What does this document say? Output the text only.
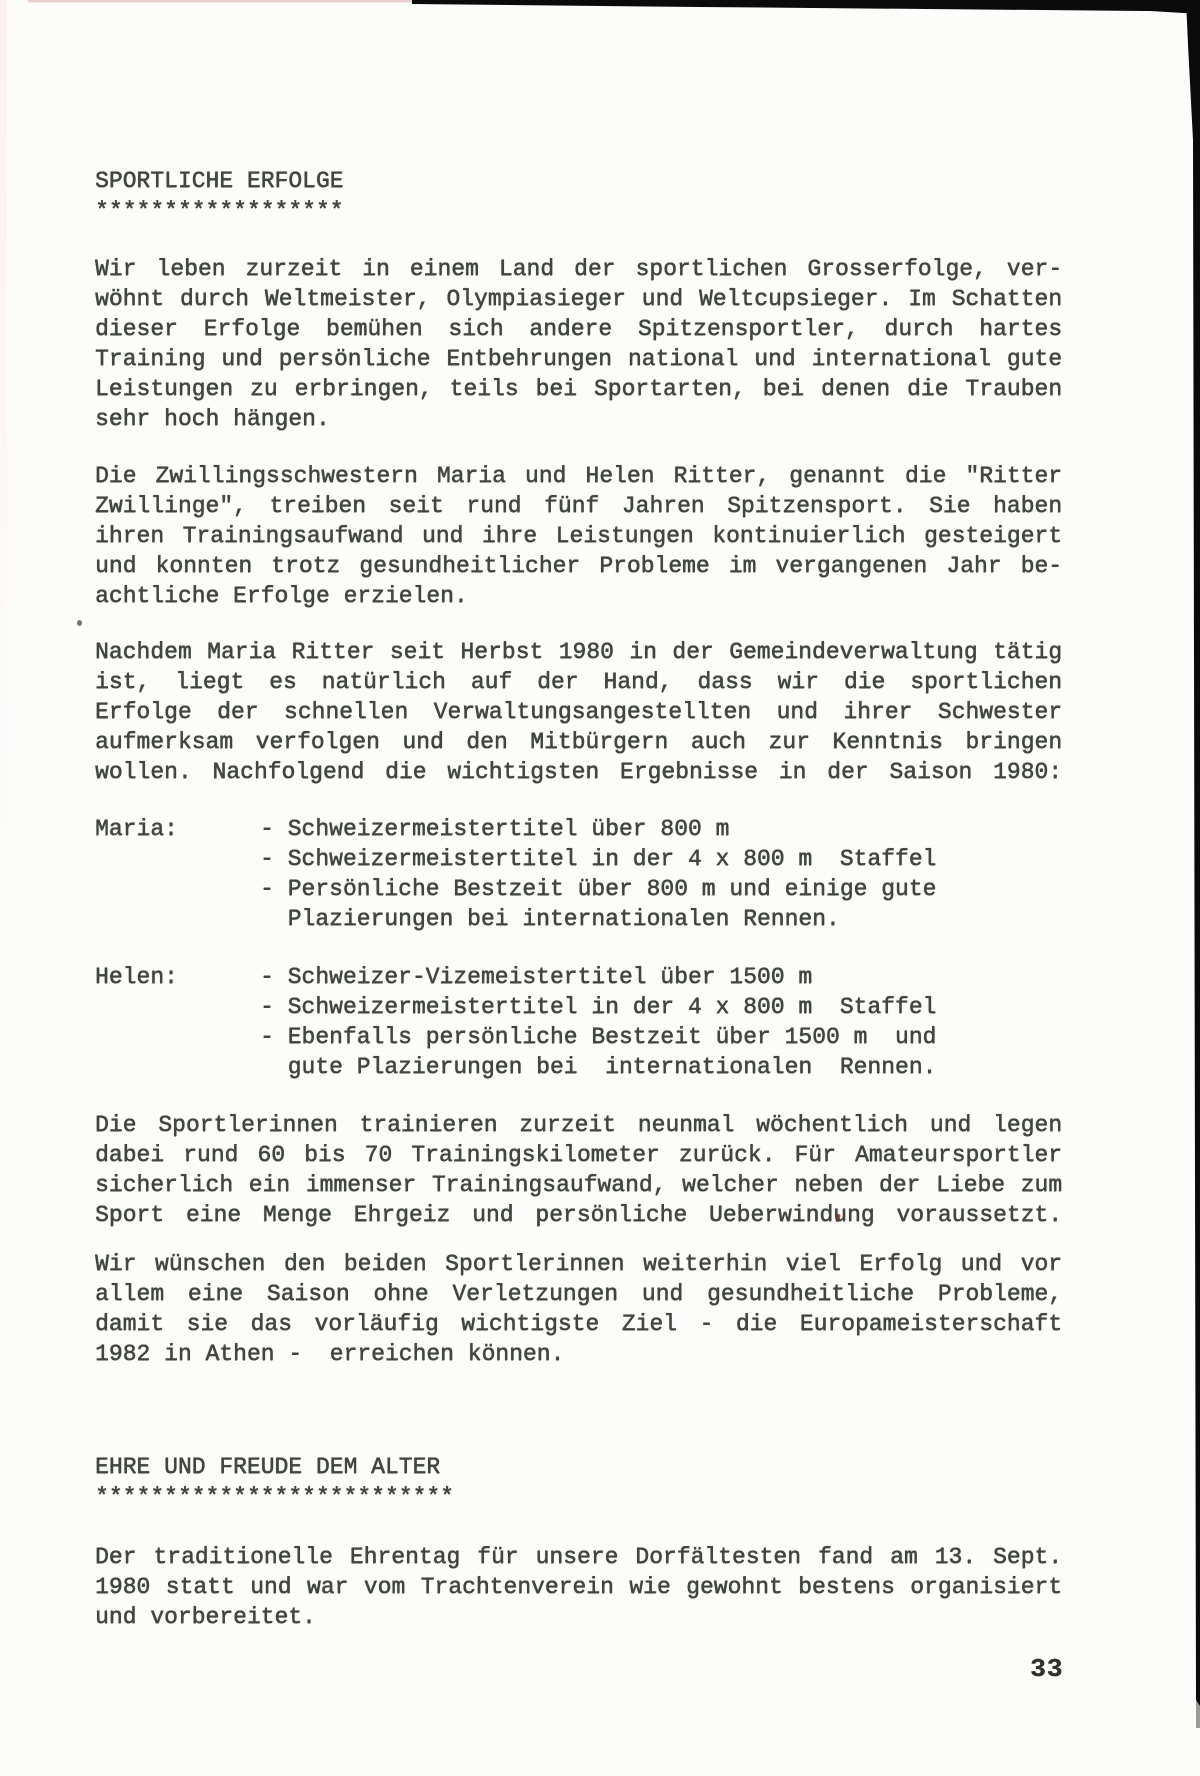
SPORTLICHE ERFOLGE
******************
Wir leben zurzeit in einem Land der sportlichen Grosserfolge, ver-
wöhnt durch Weltmeister, Olympiasieger und Weltcupsieger. Im Schatten
dieser Erfolge bemühen sich andere Spitzensportler, durch hartes
Training und persönliche Entbehrungen national und international gute
Leistungen zu erbringen, teils bei Sportarten, bei denen die Trauben
sehr hoch hängen.
Die Zwillingsschwestern Maria und Helen Ritter, genannt die "Ritter
Zwillinge", treiben seit rund fünf Jahren Spitzensport. Sie haben
ihren Trainingsaufwand und ihre Leistungen kontinuierlich gesteigert
und konnten trotz gesundheitlicher Probleme im vergangenen Jahr be-
achtliche Erfolge erzielen.
Nachdem Maria Ritter seit Herbst 1980 in der Gemeindeverwaltung tätig
ist, liegt es natürlich auf der Hand, dass wir die sportlichen
Erfolge der schnellen Verwaltungsangestellten und ihrer Schwester
aufmerksam verfolgen und den Mitbürgern auch zur Kenntnis bringen
wollen. Nachfolgend die wichtigsten Ergebnisse in der Saison 1980:
Maria:	- Schweizermeistertitel über 800 m
- Schweizermeistertitel in der 4 x 800 m  Staffel
- Persönliche Bestzeit über 800 m und einige gute
Plazierungen bei internationalen Rennen.
Helen:	- Schweizer-Vizemeistertitel über 1500 m
- Schweizermeistertitel in der 4 x 800 m  Staffel
- Ebenfalls persönliche Bestzeit über 1500 m  und
gute Plazierungen bei  internationalen  Rennen.
Die Sportlerinnen trainieren zurzeit neunmal wöchentlich und legen
dabei rund 60 bis 70 Trainingskilometer zurück. Für Amateursportler
sicherlich ein immenser Trainingsaufwand, welcher neben der Liebe zum
Sport eine Menge Ehrgeiz und persönliche Ueberwindung voraussetzt.
Wir wünschen den beiden Sportlerinnen weiterhin viel Erfolg und vor
allem eine Saison ohne Verletzungen und gesundheitliche Probleme,
damit sie das vorläufig wichtigste Ziel - die Europameisterschaft
1982 in Athen -  erreichen können.
EHRE UND FREUDE DEM ALTER
**************************
Der traditionelle Ehrentag für unsere Dorfältesten fand am 13. Sept.
1980 statt und war vom Trachtenverein wie gewohnt bestens organisiert
und vorbereitet.
33
